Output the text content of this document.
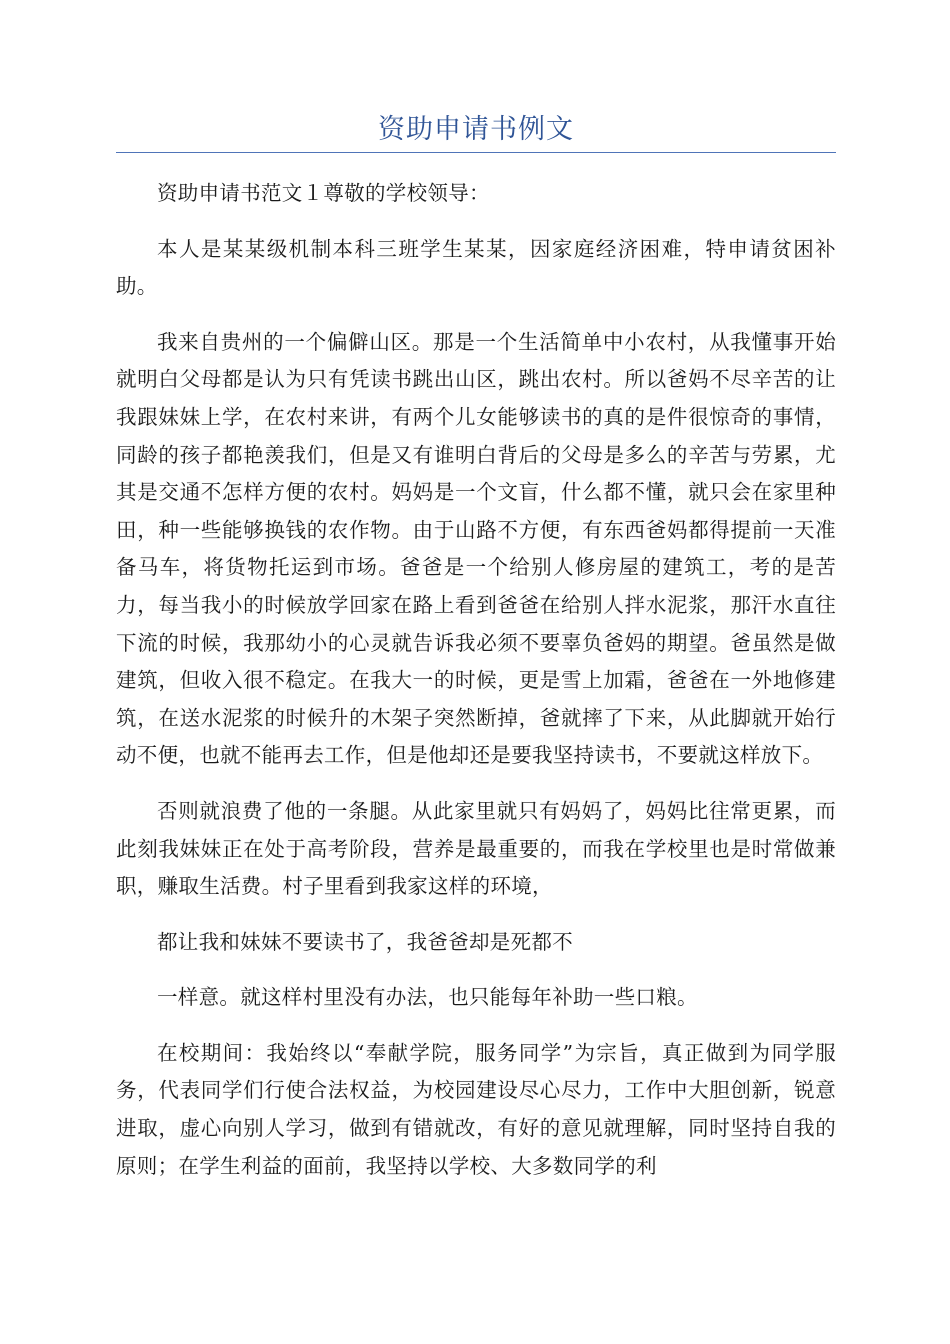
资助申请书例文

资助申请书范文１尊敬的学校领导：

本人是某某级机制本科三班学生某某，因家庭经济困难，特申请贫困补助。

我来自贵州的一个偏僻山区。那是一个生活简单中小农村，从我懂事开始就明白父母都是认为只有凭读书跳出山区，跳出农村。所以爸妈不尽辛苦的让我跟妹妹上学，在农村来讲，有两个儿女能够读书的真的是件很惊奇的事情，同龄的孩子都艳羡我们，但是又有谁明白背后的父母是多么的辛苦与劳累，尤其是交通不怎样方便的农村。妈妈是一个文盲，什么都不懂，就只会在家里种田，种一些能够换钱的农作物。由于山路不方便，有东西爸妈都得提前一天准备马车，将货物托运到市场。爸爸是一个给别人修房屋的建筑工，考的是苦力，每当我小的时候放学回家在路上看到爸爸在给别人拌水泥浆，那汗水直往下流的时候，我那幼小的心灵就告诉我必须不要辜负爸妈的期望。爸虽然是做建筑，但收入很不稳定。在我大一的时候，更是雪上加霜，爸爸在一外地修建筑，在送水泥浆的时候升的木架子突然断掉，爸就摔了下来，从此脚就开始行动不便，也就不能再去工作，但是他却还是要我坚持读书，不要就这样放下。

否则就浪费了他的一条腿。从此家里就只有妈妈了，妈妈比往常更累，而此刻我妹妹正在处于高考阶段，营养是最重要的，而我在学校里也是时常做兼职，赚取生活费。村子里看到我家这样的环境，

都让我和妹妹不要读书了，我爸爸却是死都不

一样意。就这样村里没有办法，也只能每年补助一些口粮。

在校期间：我始终以“奉献学院，服务同学”为宗旨，真正做到为同学服务，代表同学们行使合法权益，为校园建设尽心尽力，工作中大胆创新，锐意进取，虚心向别人学习，做到有错就改，有好的意见就理解，同时坚持自我的原则；在学生利益的面前，我坚持以学校、大多数同学的利
